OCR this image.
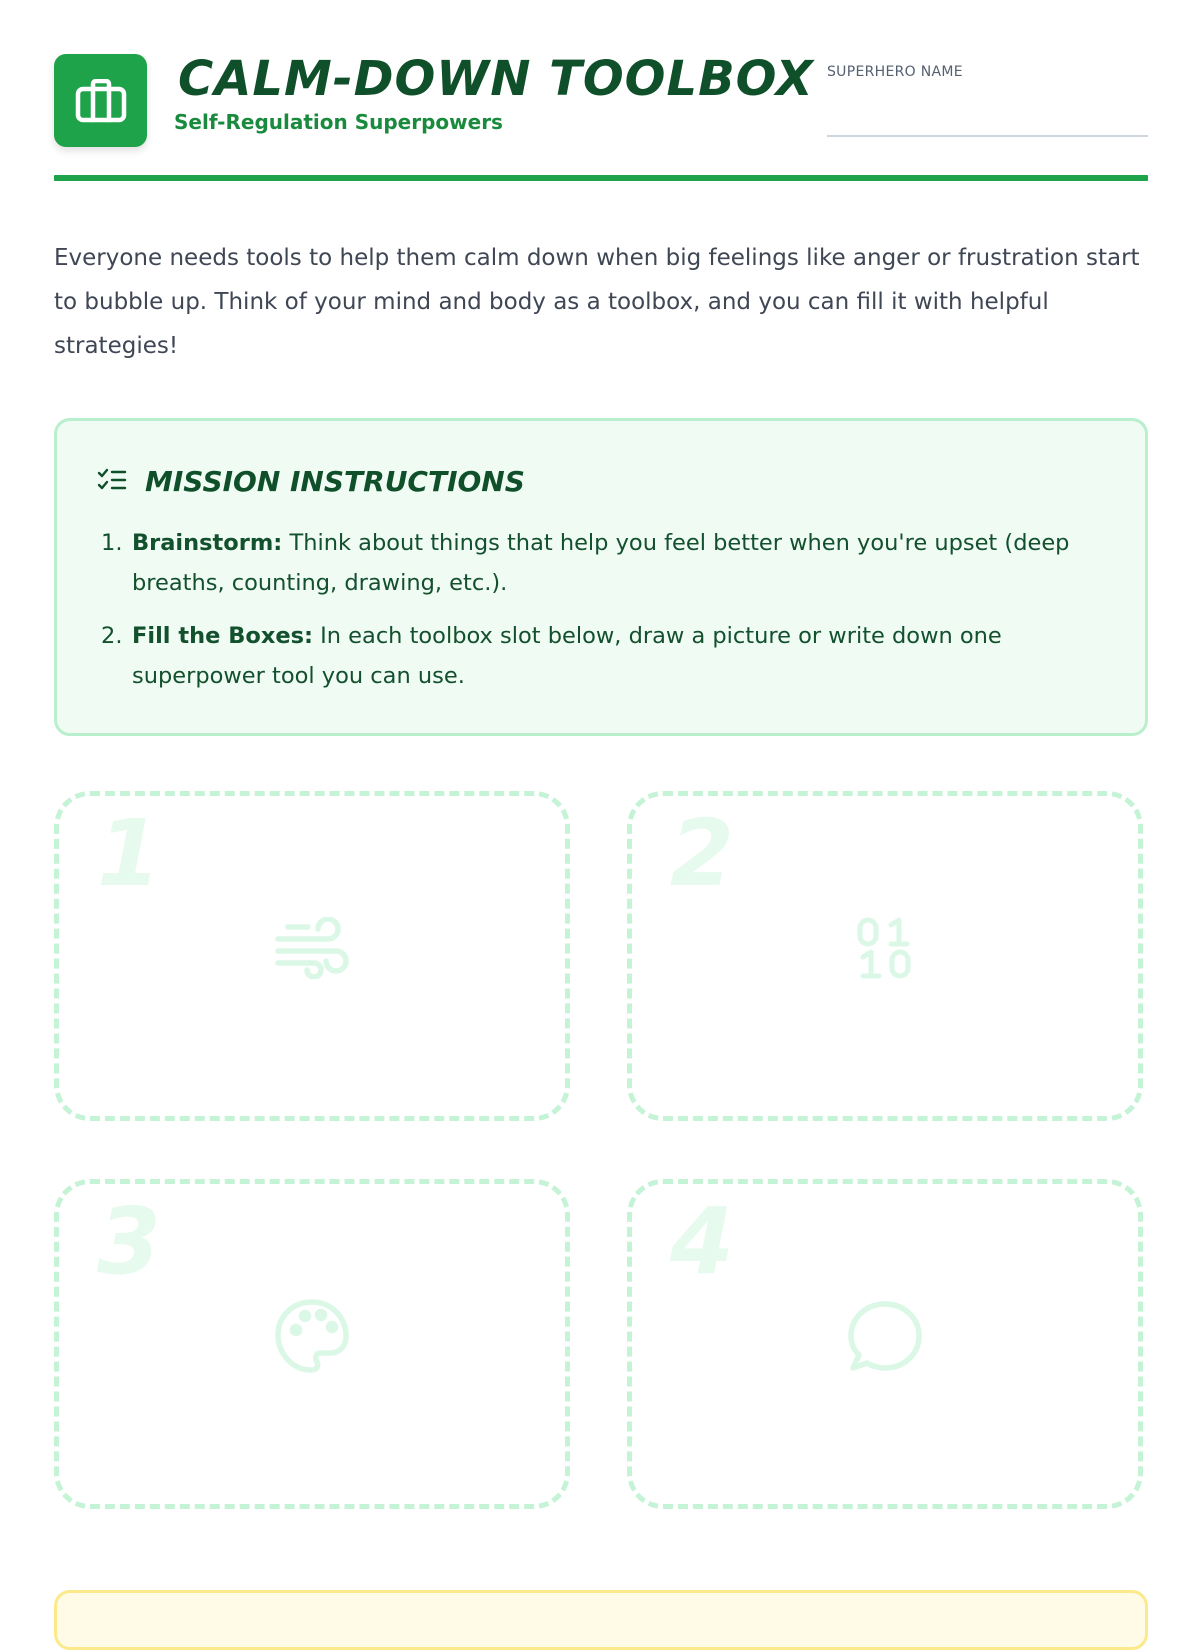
CALM-DOWN TOOLBOX
Self-Regulation Superpowers
SUPERHERO NAME

Everyone needs tools to help them calm down when big feelings like anger or frustration start to bubble up. Think of your mind and body as a toolbox, and you can fill it with helpful strategies!

MISSION INSTRUCTIONS
1. Brainstorm: Think about things that help you feel better when you're upset (deep breaths, counting, drawing, etc.).
2. Fill the Boxes: In each toolbox slot below, draw a picture or write down one superpower tool you can use.
1	2
3	4
